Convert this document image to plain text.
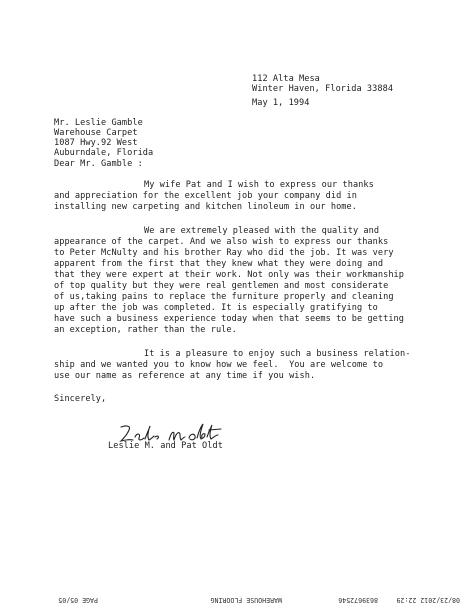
112 Alta Mesa
Winter Haven, Florida 33884
May 1, 1994
Mr. Leslie Gamble
Warehouse Carpet
1087 Hwy.92 West
Auburndale, Florida
Dear Mr. Gamble :
My wife Pat and I wish to express our thanks
and appreciation for the excellent job your company did in
installing new carpeting and kitchen linoleum in our home.
We are extremely pleased with the quality and
appearance of the carpet. And we also wish to express our thanks
to Peter McNulty and his brother Ray who did the job. It was very
apparent from the first that they knew what they were doing and
that they were expert at their work. Not only was their workmanship
of top quality but they were real gentlemen and most considerate
of us,taking pains to replace the furniture properly and cleaning
up after the job was completed. It is especially gratifying to
have such a business experience today when that seems to be getting
an exception, rather than the rule.
It is a pleasure to enjoy such a business relation-
ship and we wanted you to know how we feel.  You are welcome to
use our name as reference at any time if you wish.
Sincerely,
Leslie M. and Pat Oldt
08/23/2012 22:29
8639672546
WAREHOUSE FLOORING
PAGE 05/05
